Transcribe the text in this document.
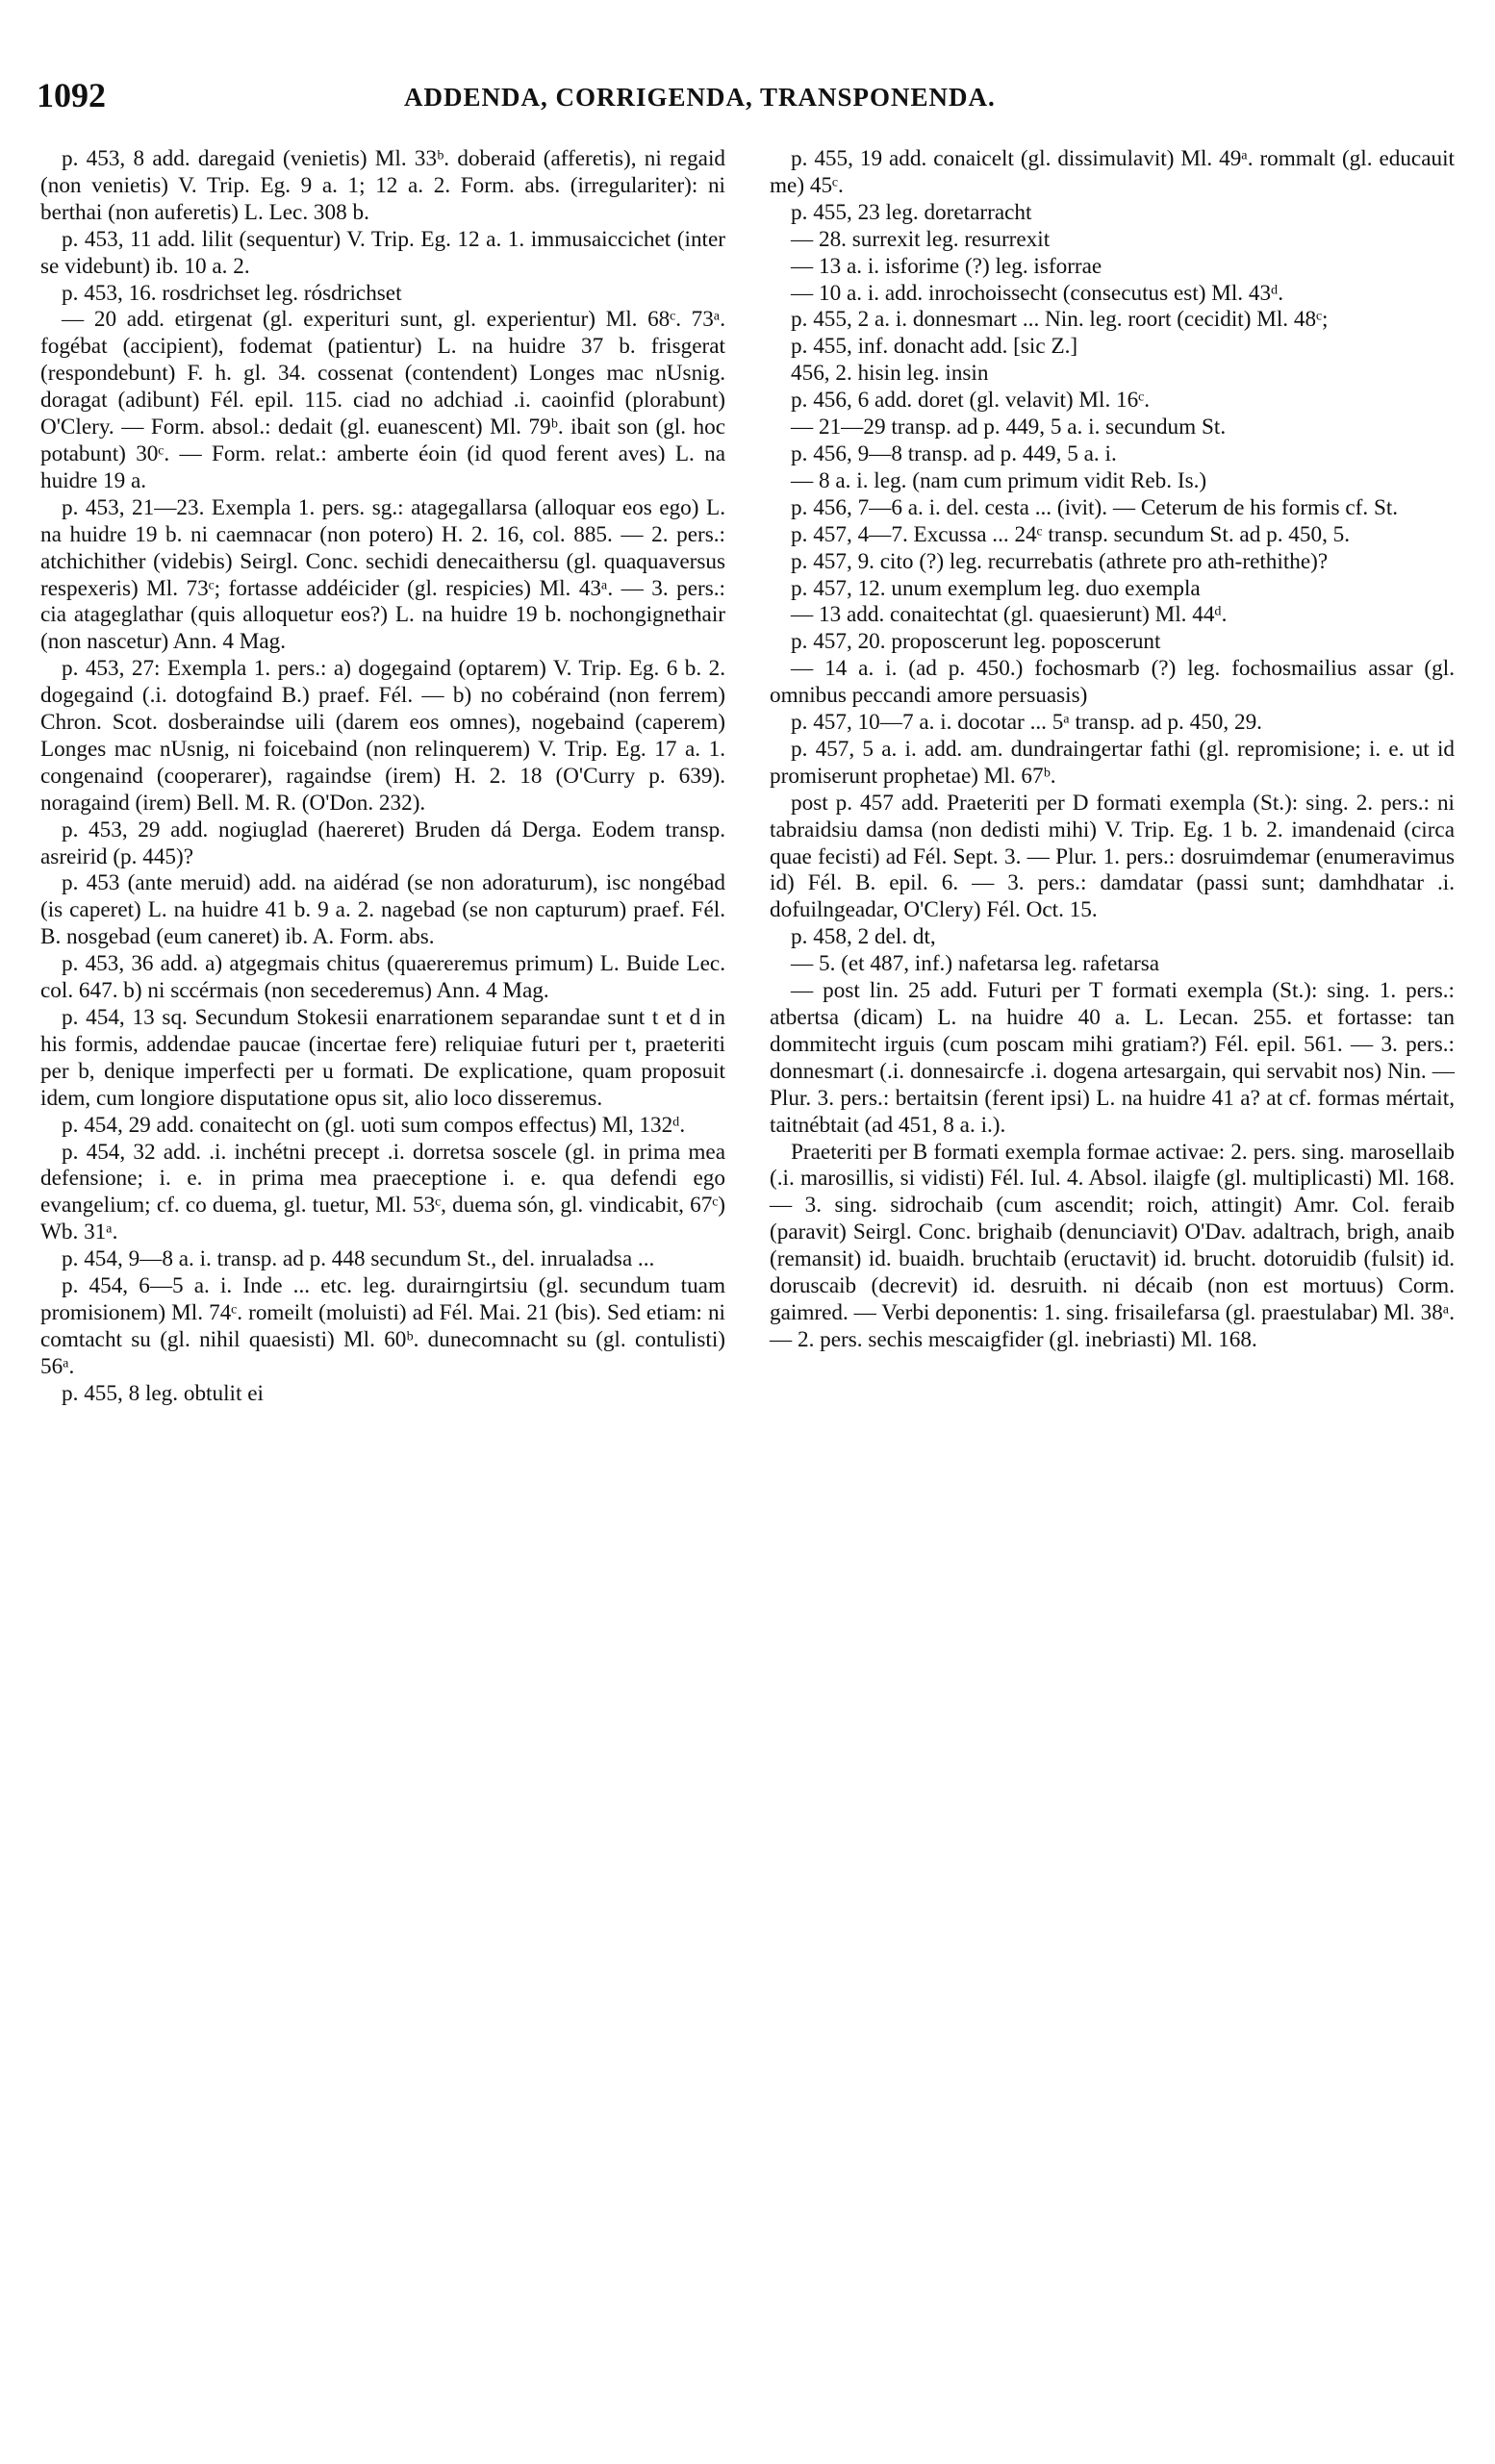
1092	ADDENDA, CORRIGENDA, TRANSPONENDA.

p. 453, 8 add. daregaid (venietis) Ml. 33ᵇ. doberaid (afferetis), ni regaid (non venietis) V. Trip. Eg. 9 a. 1; 12 a. 2. Form. abs. (irregulariter): ni berthai (non auferetis) L. Lec. 308 b.

p. 453, 11 add. lilit (sequentur) V. Trip. Eg. 12 a. 1. immusaiccichet (inter se videbunt) ib. 10 a. 2.

p. 453, 16. rosdrichset leg. rósdrichset

— 20 add. etirgenat (gl. experituri sunt, gl. experientur) Ml. 68ᶜ. 73ᵃ. fogébat (accipient), fodemat (patientur) L. na huidre 37 b. frisgerat (respondebunt) F. h. gl. 34. cossenat (contendent) Longes mac nUsnig. doragat (adibunt) Fél. epil. 115. ciad no adchiad .i. caoinfid (plorabunt) O'Clery. — Form. absol.: dedait (gl. euanescent) Ml. 79ᵇ. ibait son (gl. hoc potabunt) 30ᶜ. — Form. relat.: amberte éoin (id quod ferent aves) L. na huidre 19 a.

p. 453, 21—23. Exempla 1. pers. sg.: atagegallarsa (alloquar eos ego) L. na huidre 19 b. ni caemnacar (non potero) H. 2. 16, col. 885. — 2. pers.: atchichither (videbis) Seirgl. Conc. sechidi denecaithersu (gl. quaquaversus respexeris) Ml. 73ᶜ; fortasse addéicider (gl. respicies) Ml. 43ᵃ. — 3. pers.: cia atageglathar (quis alloquetur eos?) L. na huidre 19 b. nochongignethair (non nascetur) Ann. 4 Mag.

p. 453, 27: Exempla 1. pers.: a) dogegaind (optarem) V. Trip. Eg. 6 b. 2. dogegaind (.i. dotogfaind B.) praef. Fél. — b) no cobéraind (non ferrem) Chron. Scot. dosberaindse uili (darem eos omnes), nogebaind (caperem) Longes mac nUsnig, ni foicebaind (non relinquerem) V. Trip. Eg. 17 a. 1. congenaind (cooperarer), ragaindse (irem) H. 2. 18 (O'Curry p. 639). noragaind (irem) Bell. M. R. (O'Don. 232).

p. 453, 29 add. nogiuglad (haereret) Bruden dá Derga. Eodem transp. asreirid (p. 445)?

p. 453 (ante meruid) add. na aidérad (se non adoraturum), isc nongébad (is caperet) L. na huidre 41 b. 9 a. 2. nagebad (se non capturum) praef. Fél. B. nosgebad (eum caneret) ib. A. Form. abs.

p. 453, 36 add. a) atgegmais chitus (quaereremus primum) L. Buide Lec. col. 647. b) ni sccérmais (non secederemus) Ann. 4 Mag.

p. 454, 13 sq. Secundum Stokesii enarrationem separandae sunt t et d in his formis, addendae paucae (incertae fere) reliquiae futuri per t, praeteriti per b, denique imperfecti per u formati. De explicatione, quam proposuit idem, cum longiore disputatione opus sit, alio loco disseremus.

p. 454, 29 add. conaitecht on (gl. uoti sum compos effectus) Ml, 132ᵈ.

p. 454, 32 add. .i. inchétni precept .i. dorretsa soscele (gl. in prima mea defensione; i. e. in prima mea praeceptione i. e. qua defendi ego evangelium; cf. co duema, gl. tuetur, Ml. 53ᶜ, duema són, gl. vindicabit, 67ᶜ) Wb. 31ᵃ.

p. 454, 9—8 a. i. transp. ad p. 448 secundum St., del. inrualadsa ...

p. 454, 6—5 a. i. Inde ... etc. leg. durairngirtsiu (gl. secundum tuam promisionem) Ml. 74ᶜ. romeilt (moluisti) ad Fél. Mai. 21 (bis). Sed etiam: ni comtacht su (gl. nihil quaesisti) Ml. 60ᵇ. dunecomnacht su (gl. contulisti) 56ᵃ.

p. 455, 8 leg. obtulit ei

p. 455, 19 add. conaicelt (gl. dissimulavit) Ml. 49ᵃ. rommalt (gl. educauit me) 45ᶜ.

p. 455, 23 leg. doretarracht

— 28. surrexit leg. resurrexit

— 13 a. i. isforime (?) leg. isforrae

— 10 a. i. add. inrochoissecht (consecutus est) Ml. 43ᵈ.

p. 455, 2 a. i. donnesmart ... Nin. leg. roort (cecidit) Ml. 48ᶜ;

p. 455, inf. donacht add. [sic Z.]

456, 2. hisin leg. insin

p. 456, 6 add. doret (gl. velavit) Ml. 16ᶜ.

— 21—29 transp. ad p. 449, 5 a. i. secundum St.

p. 456, 9—8 transp. ad p. 449, 5 a. i.

— 8 a. i. leg. (nam cum primum vidit Reb. Is.)

p. 456, 7—6 a. i. del. cesta ... (ivit). — Ceterum de his formis cf. St.

p. 457, 4—7. Excussa ... 24ᶜ transp. secundum St. ad p. 450, 5.

p. 457, 9. cito (?) leg. recurrebatis (athrete pro ath-rethithe)?

p. 457, 12. unum exemplum leg. duo exempla

— 13 add. conaitechtat (gl. quaesierunt) Ml. 44ᵈ.

p. 457, 20. proposcerunt leg. poposcerunt

— 14 a. i. (ad p. 450.) fochosmarb (?) leg. fochosmailius assar (gl. omnibus peccandi amore persuasis)

p. 457, 10—7 a. i. docotar ... 5ᵃ transp. ad p. 450, 29.

p. 457, 5 a. i. add. am. dundraingertar fathi (gl. repromisione; i. e. ut id promiserunt prophetae) Ml. 67ᵇ.

post p. 457 add. Praeteriti per D formati exempla (St.): sing. 2. pers.: ni tabraidsiu damsa (non dedisti mihi) V. Trip. Eg. 1 b. 2. imandenaid (circa quae fecisti) ad Fél. Sept. 3. — Plur. 1. pers.: dosruimdemar (enumeravimus id) Fél. B. epil. 6. — 3. pers.: damdatar (passi sunt; damhdhatar .i. dofuilngeadar, O'Clery) Fél. Oct. 15.

p. 458, 2 del. dt,

— 5. (et 487, inf.) nafetarsa leg. rafetarsa

— post lin. 25 add. Futuri per T formati exempla (St.): sing. 1. pers.: atbertsa (dicam) L. na huidre 40 a. L. Lecan. 255. et fortasse: tan dommitecht irguis (cum poscam mihi gratiam?) Fél. epil. 561. — 3. pers.: donnesmart (.i. donnesaircfe .i. dogena artesargain, qui servabit nos) Nin. — Plur. 3. pers.: bertaitsin (ferent ipsi) L. na huidre 41 a? at cf. formas mértait, taitnébtait (ad 451, 8 a. i.).

Praeteriti per B formati exempla formae activae: 2. pers. sing. marosellaib (.i. marosillis, si vidisti) Fél. Iul. 4. Absol. ilaigfe (gl. multiplicasti) Ml. 168. — 3. sing. sidrochaib (cum ascendit; roich, attingit) Amr. Col. feraib (paravit) Seirgl. Conc. brighaib (denunciavit) O'Dav. adaltrach, brigh, anaib (remansit) id. buaidh. bruchtaib (eructavit) id. brucht. dotoruidib (fulsit) id. doruscaib (decrevit) id. desruith. ni décaib (non est mortuus) Corm. gaimred. — Verbi deponentis: 1. sing. frisailefarsa (gl. praestulabar) Ml. 38ᵃ. — 2. pers. sechis mescaigfider (gl. inebriasti) Ml. 168.
